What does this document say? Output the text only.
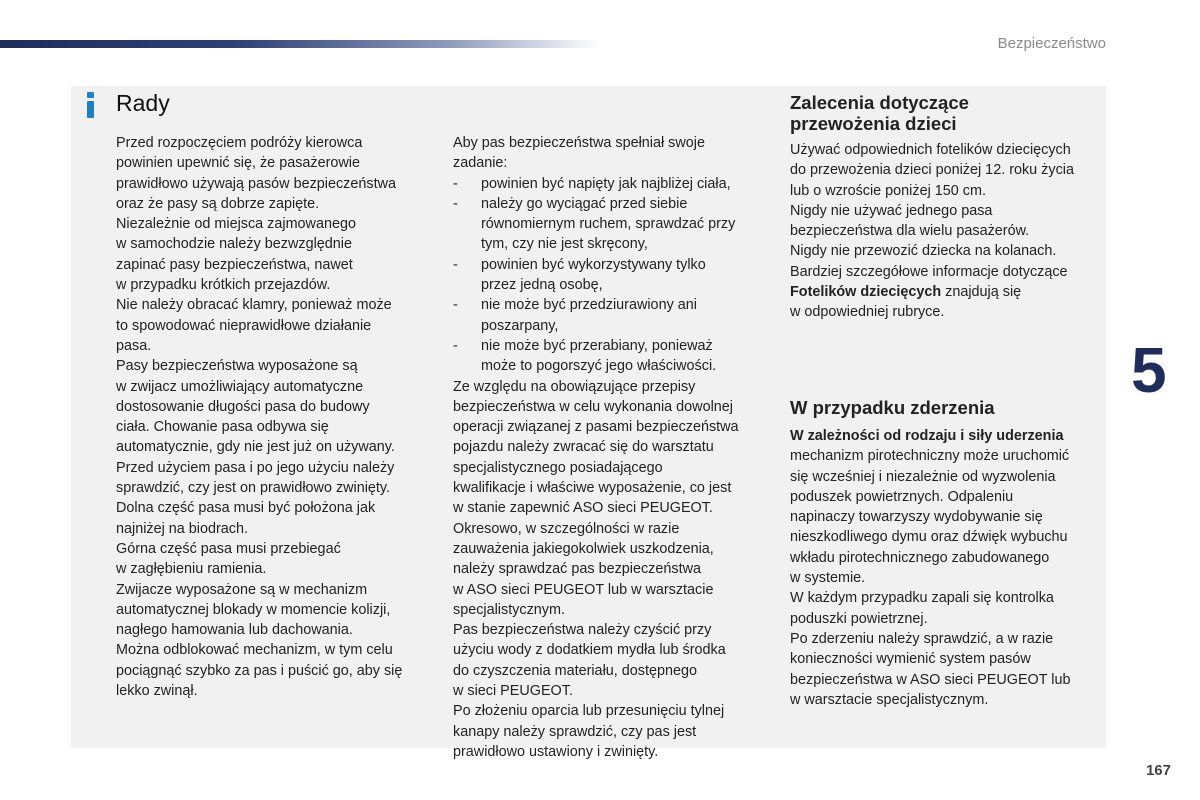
Bezpieczeństwo
Rady

Przed rozpoczęciem podróży kierowca

powinien upewnić się, że pasażerowie

prawidłowo używają pasów bezpieczeństwa

oraz że pasy są dobrze zapięte.

Niezależnie od miejsca zajmowanego

w samochodzie należy bezwzględnie

zapinać pasy bezpieczeństwa, nawet

w przypadku krótkich przejazdów.

Nie należy obracać klamry, ponieważ może

to spowodować nieprawidłowe działanie

pasa.

Pasy bezpieczeństwa wyposażone są

w zwijacz umożliwiający automatyczne

dostosowanie długości pasa do budowy

ciała. Chowanie pasa odbywa się

automatycznie, gdy nie jest już on używany.

Przed użyciem pasa i po jego użyciu należy

sprawdzić, czy jest on prawidłowo zwinięty.

Dolna część pasa musi być położona jak

najniżej na biodrach.

Górna część pasa musi przebiegać

w zagłębieniu ramienia.

Zwijacze wyposażone są w mechanizm

automatycznej blokady w momencie kolizji,

nagłego hamowania lub dachowania.

Można odblokować mechanizm, w tym celu

pociągnąć szybko za pas i puścić go, aby się

lekko zwinął.

Aby pas bezpieczeństwa spełniał swoje

zadanie:

- powinien być napięty jak najbliżej ciała,

- należy go wyciągać przed siebie

równomiernym ruchem, sprawdzać przy

tym, czy nie jest skręcony,

- powinien być wykorzystywany tylko

przez jedną osobę,

- nie może być przedziurawiony ani

poszarpany,

- nie może być przerabiany, ponieważ

może to pogorszyć jego właściwości.

Ze względu na obowiązujące przepisy

bezpieczeństwa w celu wykonania dowolnej

operacji związanej z pasami bezpieczeństwa

pojazdu należy zwracać się do warsztatu

specjalistycznego posiadającego

kwalifikacje i właściwe wyposażenie, co jest

w stanie zapewnić ASO sieci PEUGEOT.

Okresowo, w szczególności w razie

zauważenia jakiegokolwiek uszkodzenia,

należy sprawdzać pas bezpieczeństwa

w ASO sieci PEUGEOT lub w warsztacie

specjalistycznym.

Pas bezpieczeństwa należy czyścić przy

użyciu wody z dodatkiem mydła lub środka

do czyszczenia materiału, dostępnego

w sieci PEUGEOT.

Po złożeniu oparcia lub przesunięciu tylnej

kanapy należy sprawdzić, czy pas jest

prawidłowo ustawiony i zwinięty.

Zalecenia dotyczące
przewożenia dzieci

Używać odpowiednich fotelików dziecięcych

do przewożenia dzieci poniżej 12. roku życia

lub o wzroście poniżej 150 cm.

Nigdy nie używać jednego pasa

bezpieczeństwa dla wielu pasażerów.

Nigdy nie przewozić dziecka na kolanach.

Bardziej szczegółowe informacje dotyczące

Fotelików dziecięcych znajdują się

w odpowiedniej rubryce.

W przypadku zderzenia

W zależności od rodzaju i siły uderzenia

mechanizm pirotechniczny może uruchomić

się wcześniej i niezależnie od wyzwolenia

poduszek powietrznych. Odpaleniu

napinaczy towarzyszy wydobywanie się

nieszkodliwego dymu oraz dźwięk wybuchu

wkładu pirotechnicznego zabudowanego

w systemie.

W każdym przypadku zapali się kontrolka

poduszki powietrznej.

Po zderzeniu należy sprawdzić, a w razie

konieczności wymienić system pasów

bezpieczeństwa w ASO sieci PEUGEOT lub

w warsztacie specjalistycznym.

5
167
